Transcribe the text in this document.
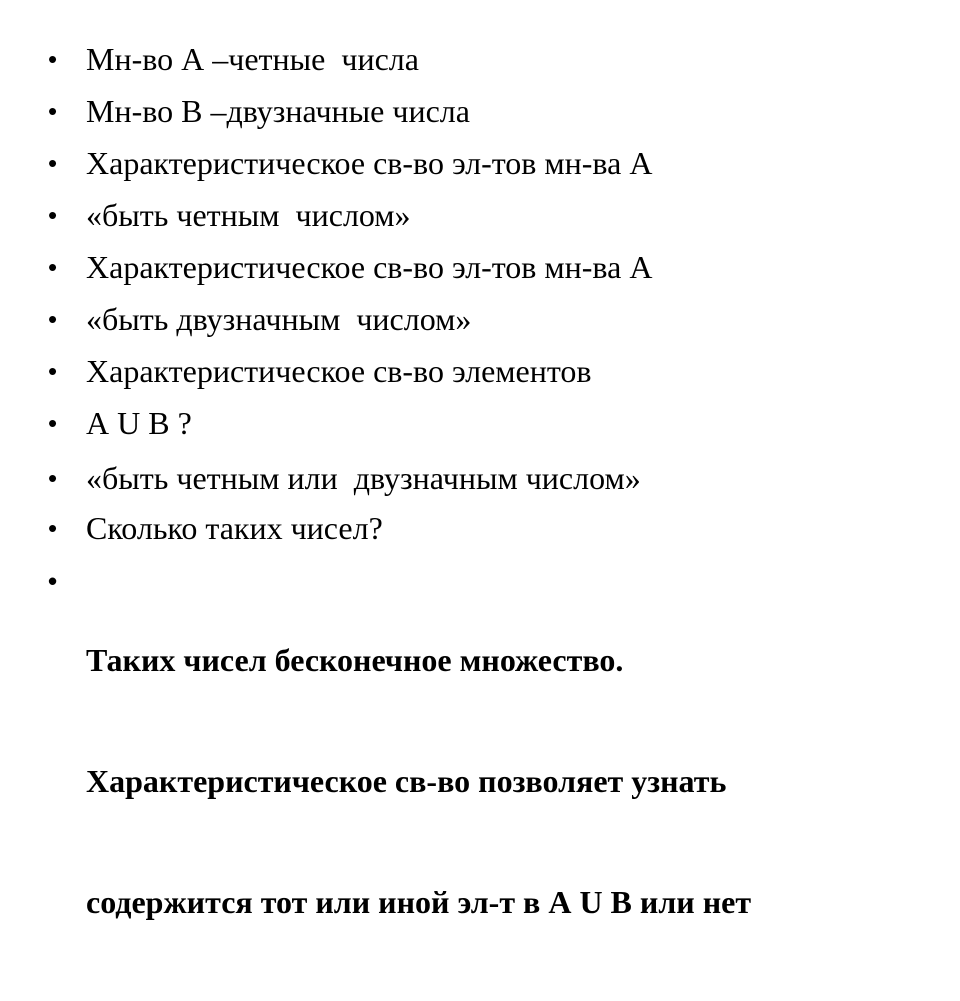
• Мн-во А –четные  числа
• Мн-во В –двузначные числа
• Характеристическое св-во эл-тов мн-ва А
• «быть четным  числом»
• Характеристическое св-во эл-тов мн-ва А
• «быть двузначным  числом»
• Характеристическое св-во элементов
• А U В ?
• «быть четным или  двузначным числом»
• Сколько таких чисел?
•

Таких чисел бесконечное множество.

Характеристическое св-во позволяет узнать

содержится тот или иной эл-т в А U В или нет
